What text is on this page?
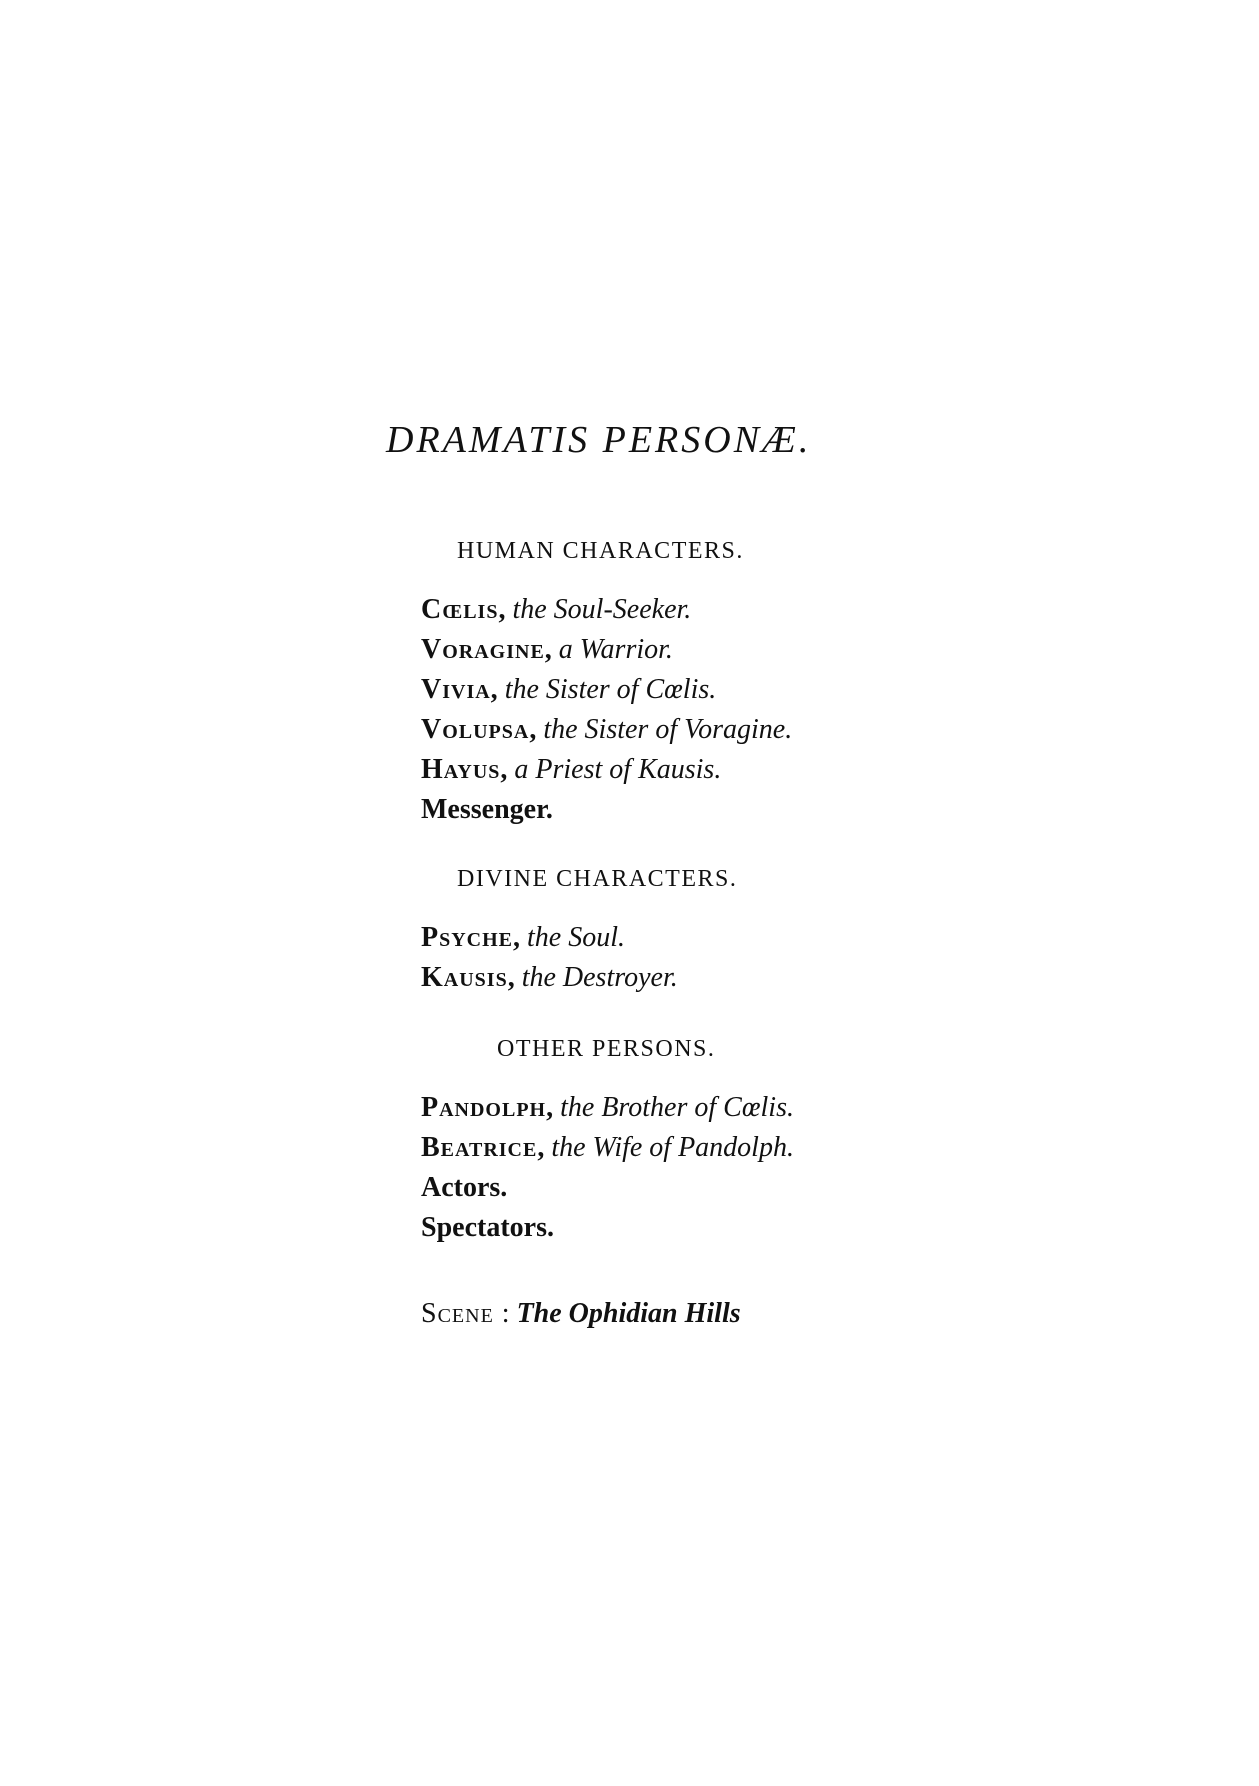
DRAMATIS PERSONÆ.
HUMAN CHARACTERS.
Cœlis, the Soul-Seeker.
Voragine, a Warrior.
Vivia, the Sister of Cœlis.
Volupsa, the Sister of Voragine.
Hayus, a Priest of Kausis.
Messenger.
DIVINE CHARACTERS.
Psyche, the Soul.
Kausis, the Destroyer.
OTHER PERSONS.
Pandolph, the Brother of Cœlis.
Beatrice, the Wife of Pandolph.
Actors.
Spectators.
Scene : The Ophidian Hills
